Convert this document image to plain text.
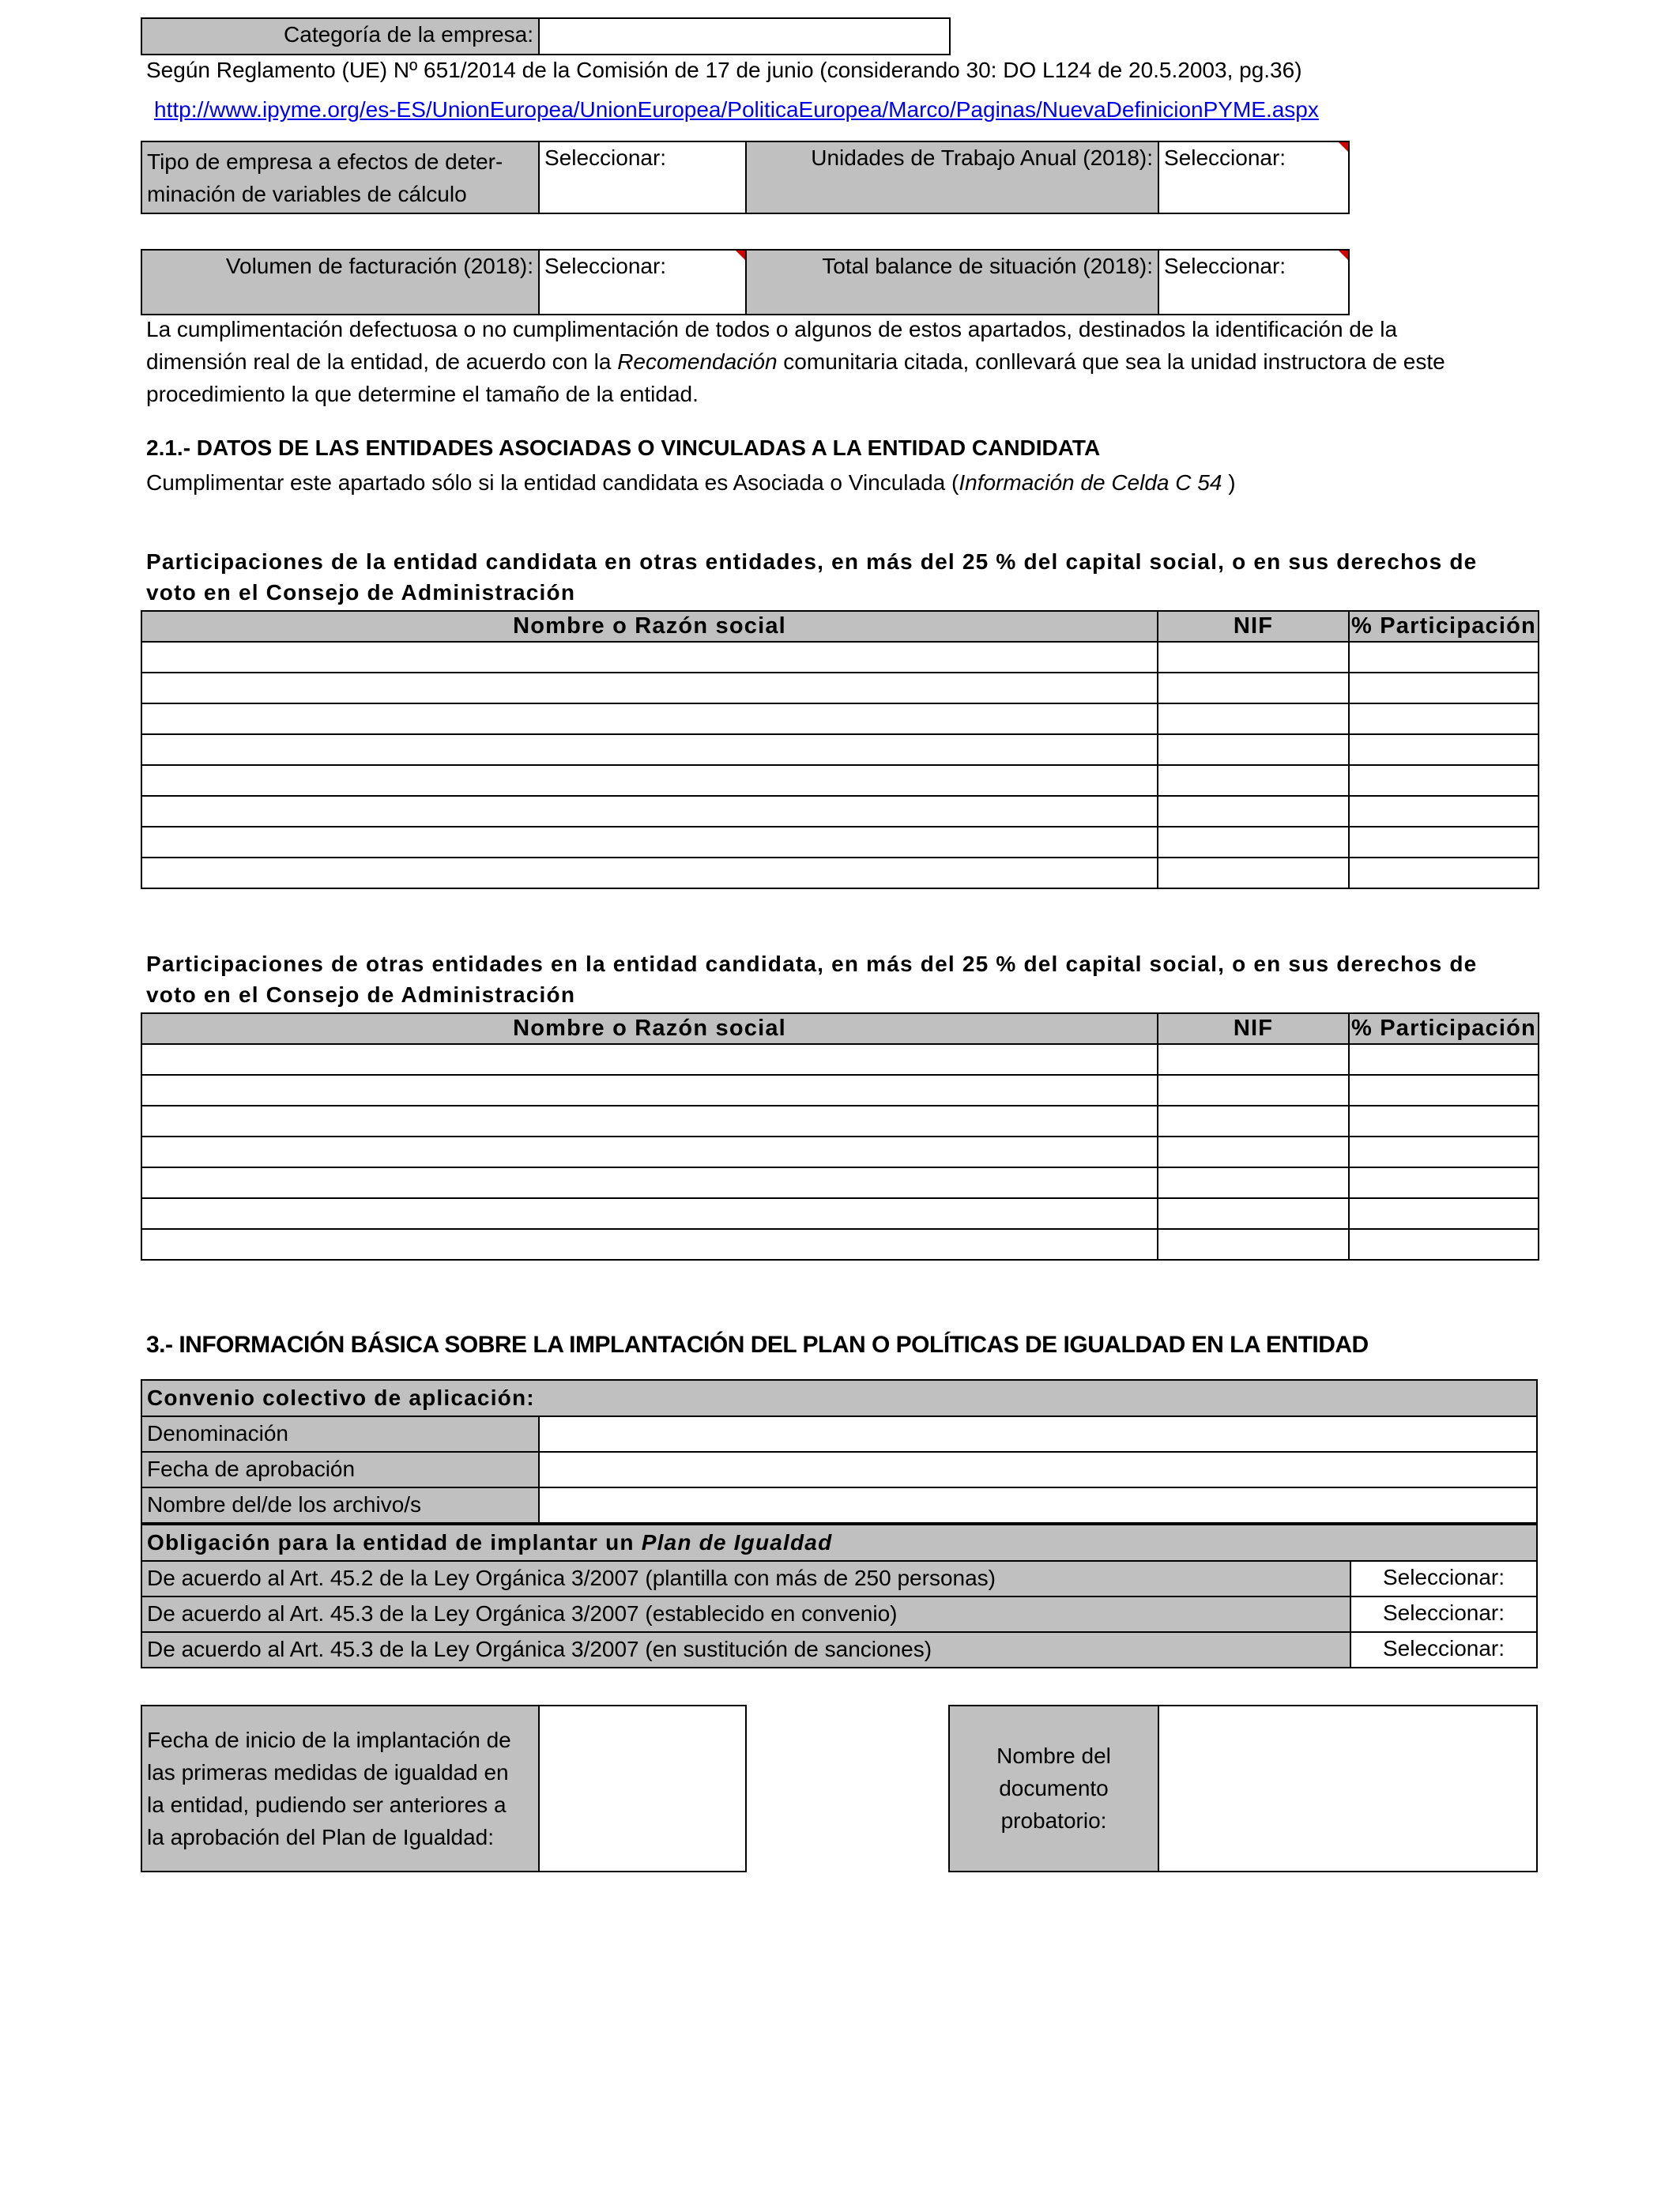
Categoría de la empresa:
Según Reglamento (UE) Nº 651/2014 de la Comisión de 17 de junio (considerando 30: DO L124 de 20.5.2003, pg.36)
http://www.ipyme.org/es-ES/UnionEuropea/UnionEuropea/PoliticaEuropea/Marco/Paginas/NuevaDefinicionPYME.aspx
Tipo de empresa a efectos de deter-
minación de variables de cálculo
Seleccionar:	Unidades de Trabajo Anual (2018): Seleccionar:
Volumen de facturación (2018): Seleccionar:	Total balance de situación (2018): Seleccionar:
La cumplimentación defectuosa o no cumplimentación de todos o algunos de estos apartados, destinados la identificación de la
dimensión real de la entidad, de acuerdo con la Recomendación comunitaria citada, conllevará que sea la unidad instructora de este
procedimiento la que determine el tamaño de la entidad.
2.1.- DATOS DE LAS ENTIDADES ASOCIADAS O VINCULADAS A LA ENTIDAD CANDIDATA
Cumplimentar este apartado sólo si la entidad candidata es Asociada o Vinculada (Información de Celda C 54 )
Participaciones de la entidad candidata en otras entidades, en más del 25 % del capital social, o en sus derechos de
voto en el Consejo de Administración
Nombre o Razón social	NIF	% Participación

Participaciones de otras entidades en la entidad candidata, en más del 25 % del capital social, o en sus derechos de
voto en el Consejo de Administración
Nombre o Razón social	NIF	% Participación

3.- INFORMACIÓN BÁSICA SOBRE LA IMPLANTACIÓN DEL PLAN O POLÍTICAS DE IGUALDAD EN LA ENTIDAD
Convenio colectivo de aplicación:
Denominación
Fecha de aprobación
Nombre del/de los archivo/s
Obligación para la entidad de implantar un Plan de Igualdad
De acuerdo al Art. 45.2 de la Ley Orgánica 3/2007 (plantilla con más de 250 personas)	Seleccionar:
De acuerdo al Art. 45.3 de la Ley Orgánica 3/2007 (establecido en convenio)	Seleccionar:
De acuerdo al Art. 45.3 de la Ley Orgánica 3/2007 (en sustitución de sanciones)	Seleccionar:
Fecha de inicio de la implantación de
las primeras medidas de igualdad en
la entidad, pudiendo ser anteriores a
la aprobación del Plan de Igualdad:
Nombre del
documento
probatorio:
